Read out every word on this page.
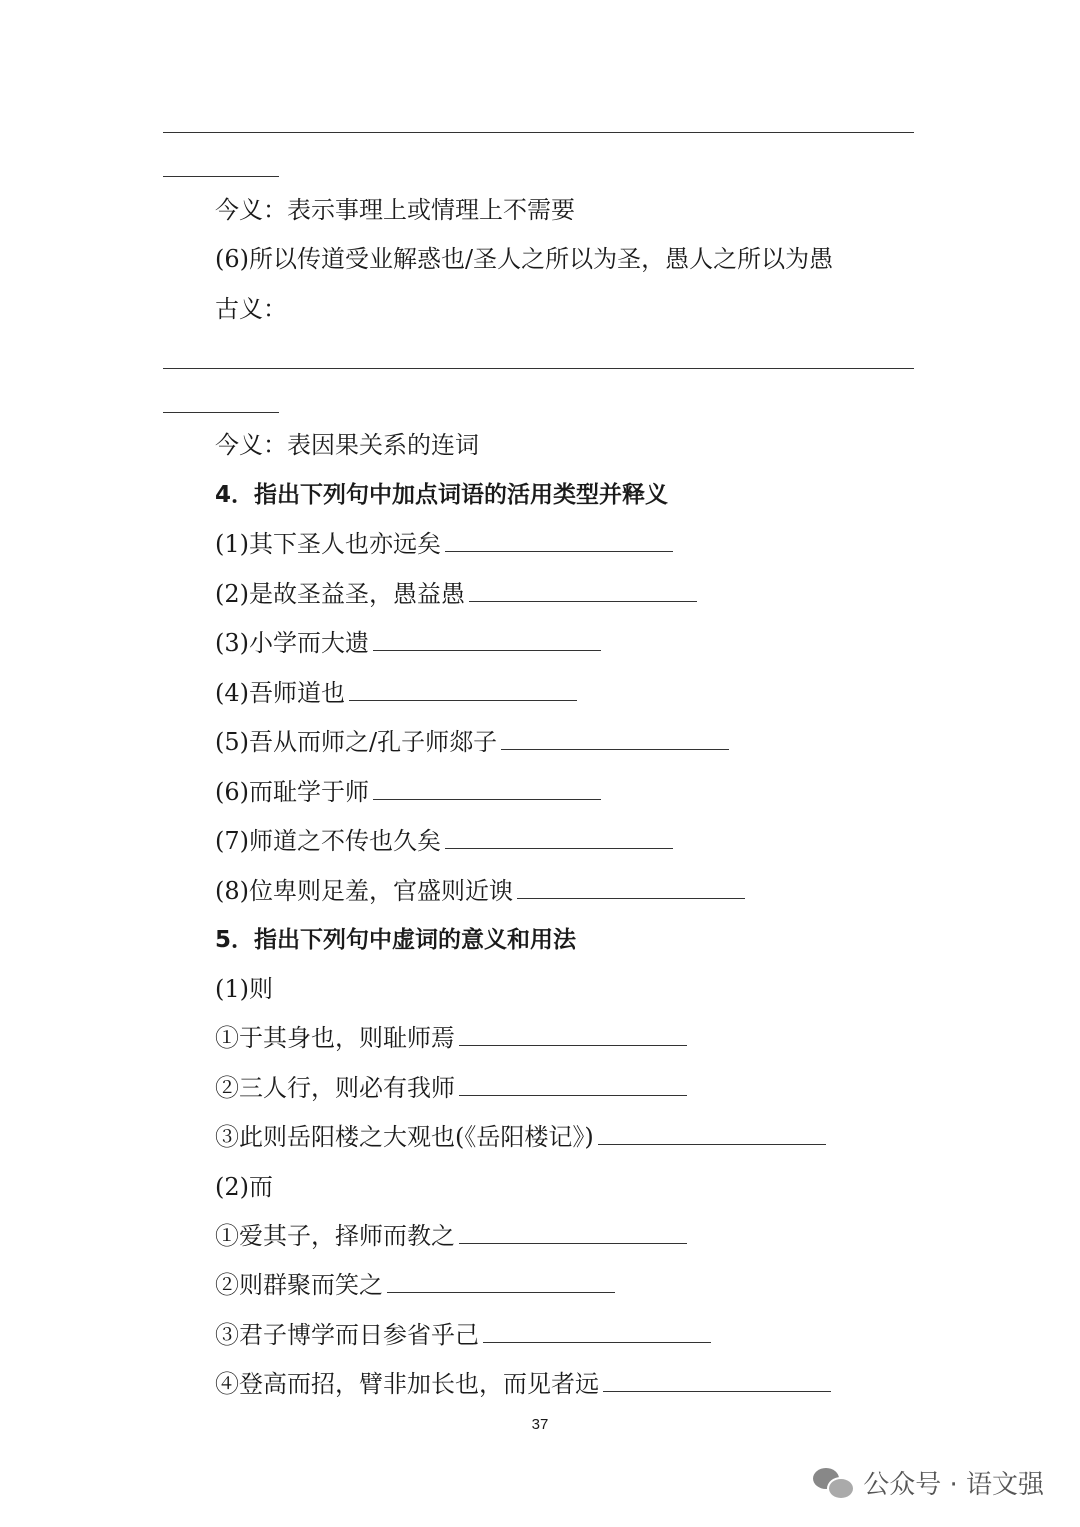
今义：表示事理上或情理上不需要
(6)所以传道受业解惑也/圣人之所以为圣，愚人之所以为愚
古义：
今义：表因果关系的连词
4．指出下列句中加点词语的活用类型并释义
(1)其下圣人也亦远矣
(2)是故圣益圣，愚益愚
(3)小学而大遗
(4)吾师道也
(5)吾从而师之/孔子师郯子
(6)而耻学于师
(7)师道之不传也久矣
(8)位卑则足羞，官盛则近谀
5．指出下列句中虚词的意义和用法
(1)则
①于其身也，则耻师焉
②三人行，则必有我师
③此则岳阳楼之大观也(《岳阳楼记》)
(2)而
①爱其子，择师而教之
②则群聚而笑之
③君子博学而日参省乎己
④登高而招，臂非加长也，而见者远
37
公众号 · 语文强
